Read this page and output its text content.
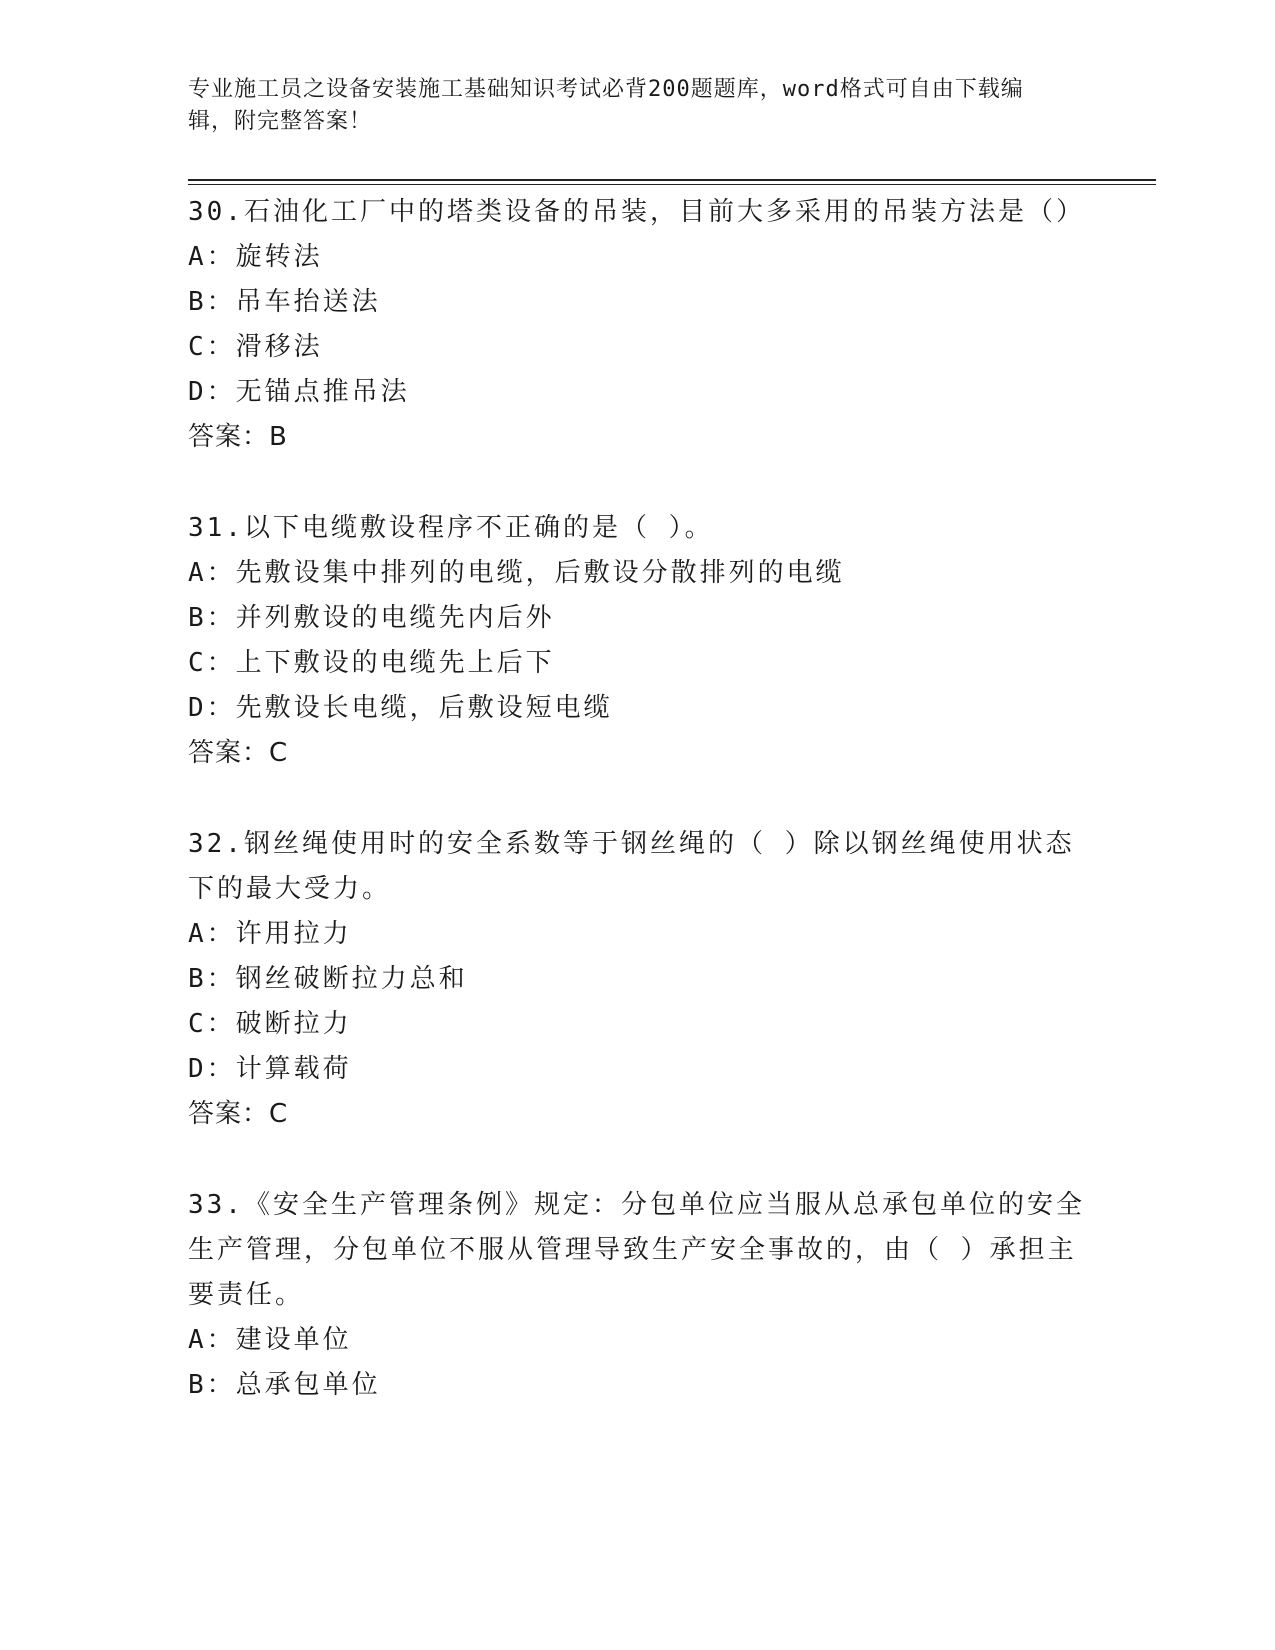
专业施工员之设备安装施工基础知识考试必背200题题库，word格式可自由下载编辑，附完整答案！

30.石油化工厂中的塔类设备的吊装，目前大多采用的吊装方法是（）

A：旋转法

B：吊车抬送法

C：滑移法

D：无锚点推吊法

答案：B

31.以下电缆敷设程序不正确的是（ ）。

A：先敷设集中排列的电缆，后敷设分散排列的电缆

B：并列敷设的电缆先内后外

C：上下敷设的电缆先上后下

D：先敷设长电缆，后敷设短电缆

答案：C

32.钢丝绳使用时的安全系数等于钢丝绳的（ ）除以钢丝绳使用状态下的最大受力。

A：许用拉力

B：钢丝破断拉力总和

C：破断拉力

D：计算载荷

答案：C

33.《安全生产管理条例》规定：分包单位应当服从总承包单位的安全生产管理，分包单位不服从管理导致生产安全事故的，由（ ）承担主要责任。

A：建设单位

B：总承包单位
